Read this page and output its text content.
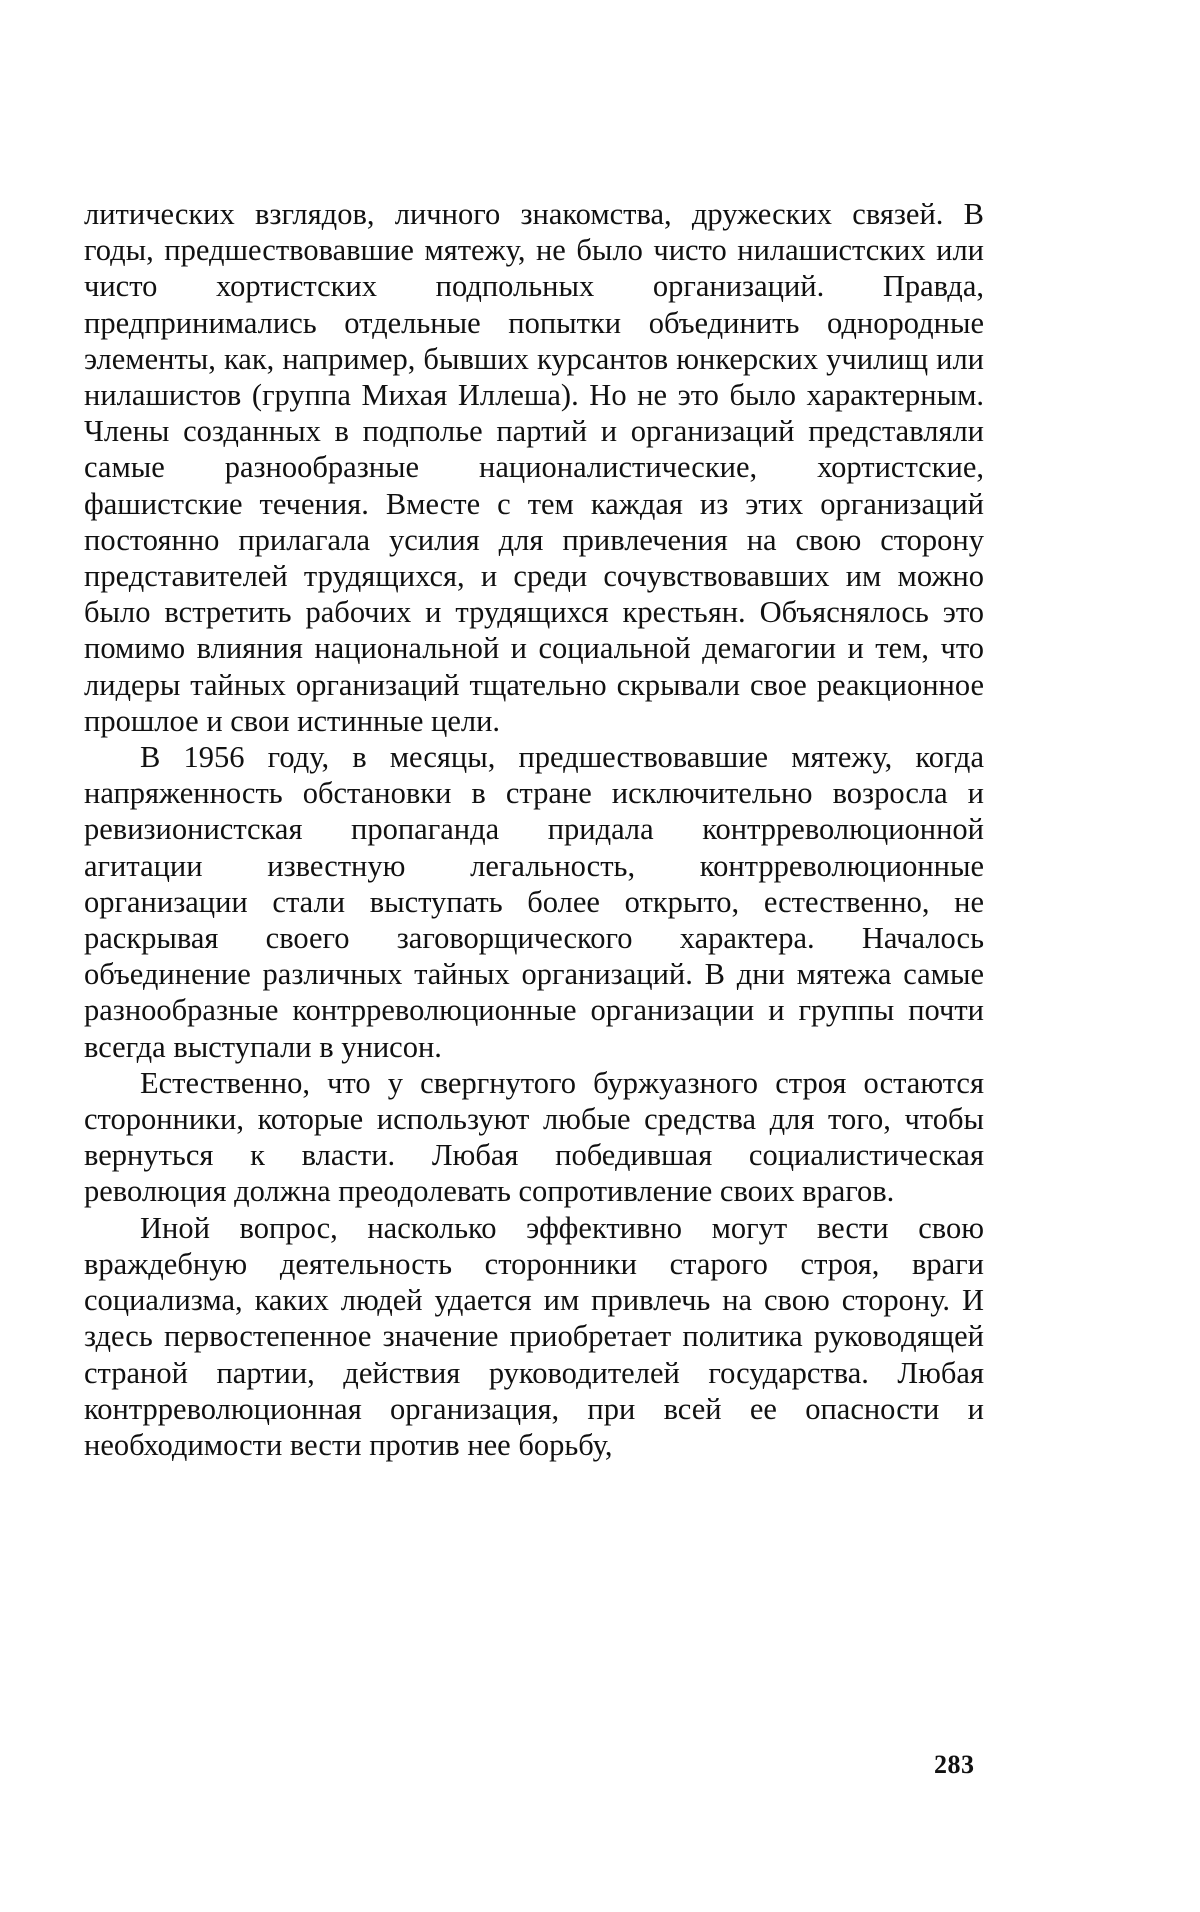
литических взглядов, личного знакомства, дружеских связей. В годы, предшествовавшие мятежу, не было чисто нилашистских или чисто хортистских подпольных организаций. Правда, предпринимались отдельные попытки объединить однородные элементы, как, например, бывших курсантов юнкерских училищ или нилашистов (группа Михая Иллеша). Но не это было характерным. Члены созданных в подполье партий и организаций представляли самые разнообразные националистические, хортистские, фашистские течения. Вместе с тем каждая из этих организаций постоянно прилагала усилия для привлечения на свою сторону представителей трудящихся, и среди сочувствовавших им можно было встретить рабочих и трудящихся крестьян. Объяснялось это помимо влияния национальной и социальной демагогии и тем, что лидеры тайных организаций тщательно скрывали свое реакционное прошлое и свои истинные цели.

В 1956 году, в месяцы, предшествовавшие мятежу, когда напряженность обстановки в стране исключительно возросла и ревизионистская пропаганда придала контрреволюционной агитации известную легальность, контрреволюционные организации стали выступать более открыто, естественно, не раскрывая своего заговорщического характера. Началось объединение различных тайных организаций. В дни мятежа самые разнообразные контрреволюционные организации и группы почти всегда выступали в унисон.

Естественно, что у свергнутого буржуазного строя остаются сторонники, которые используют любые средства для того, чтобы вернуться к власти. Любая победившая социалистическая революция должна преодолевать сопротивление своих врагов.

Иной вопрос, насколько эффективно могут вести свою враждебную деятельность сторонники старого строя, враги социализма, каких людей удается им привлечь на свою сторону. И здесь первостепенное значение приобретает политика руководящей страной партии, действия руководителей государства. Любая контрреволюционная организация, при всей ее опасности и необходимости вести против нее борьбу,

283
